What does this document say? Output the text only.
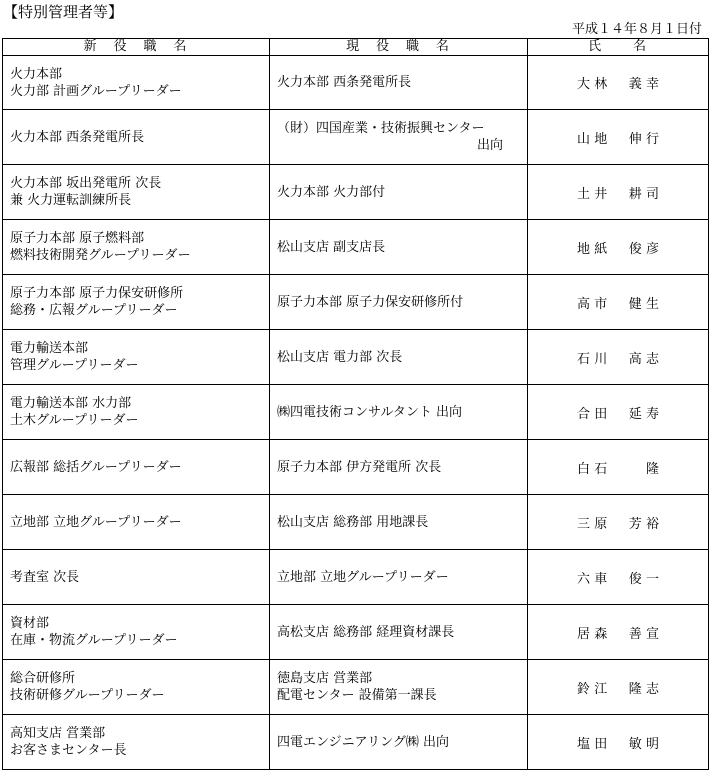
【特別管理者等】
平成１４年８月１日付
新　役　職　名	現　役　職　名	氏　　名

火力本部
火力部 計画グループリーダー	火力本部 西条発電所長	大林　義幸

火力本部 西条発電所長	（財）四国産業・技術振興センター
出向	山地　伸行

火力本部 坂出発電所 次長
兼 火力運転訓練所長	火力本部 火力部付	土井　耕司

原子力本部 原子燃料部
燃料技術開発グループリーダー	松山支店 副支店長	地紙　俊彦

原子力本部 原子力保安研修所
総務・広報グループリーダー	原子力本部 原子力保安研修所付	高市　健生

電力輸送本部
管理グループリーダー	松山支店 電力部 次長	石川　高志

電力輸送本部 水力部
土木グループリーダー	㈱四電技術コンサルタント 出向	合田　延寿

広報部 総括グループリーダー	原子力本部 伊方発電所 次長	白石　　隆

立地部 立地グループリーダー	松山支店 総務部 用地課長	三原　芳裕

考査室 次長	立地部 立地グループリーダー	六車　俊一

資材部
在庫・物流グループリーダー	高松支店 総務部 経理資材課長	居森　善宣

総合研修所
技術研修グループリーダー	徳島支店 営業部
配電センター 設備第一課長	鈴江　隆志

高知支店 営業部
お客さまセンター長	四電エンジニアリング㈱ 出向	塩田　敏明
